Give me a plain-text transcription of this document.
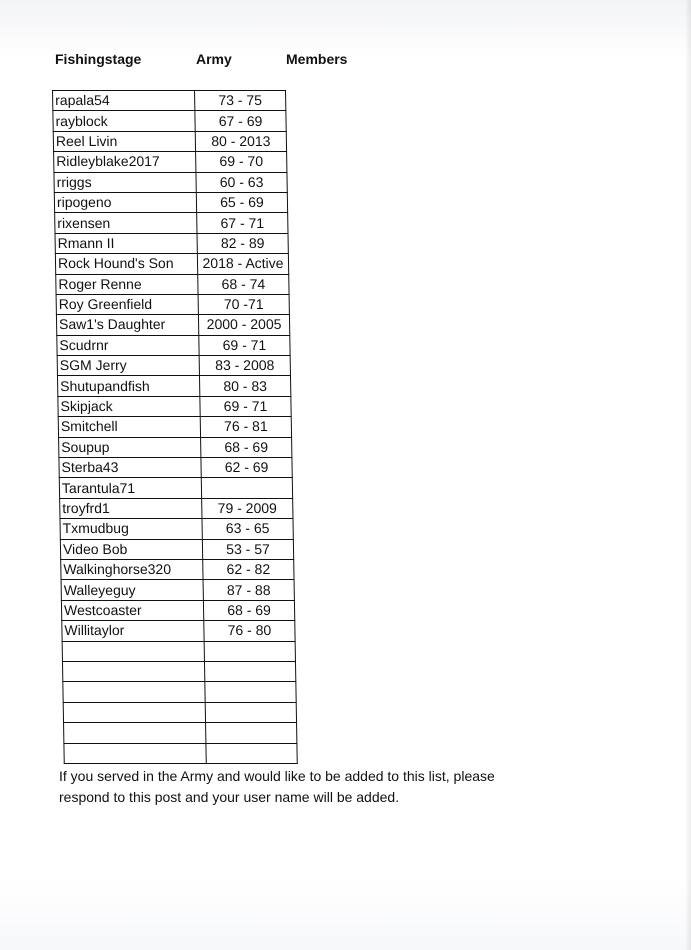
Fishingstage	Army	Members
rapala54	73 - 75
rayblock	67 - 69
Reel Livin	80 - 2013
Ridleyblake2017	69 - 70
rriggs	60 - 63
ripogeno	65 - 69
rixensen	67 - 71
Rmann II	82 - 89
Rock Hound's Son	2018 - Active
Roger Renne	68 - 74
Roy Greenfield	70 -71
Saw1's Daughter	2000 - 2005
Scudrnr	69 - 71
SGM Jerry	83 - 2008
Shutupandfish	80 - 83
Skipjack	69 - 71
Smitchell	76 - 81
Soupup	68 - 69
Sterba43	62 - 69
Tarantula71	
troyfrd1	79 - 2009
Txmudbug	63 - 65
Video Bob	53 - 57
Walkinghorse320	62 - 82
Walleyeguy	87 - 88
Westcoaster	68 - 69
Willitaylor	76 - 80

If you served in the Army and would like to be added to this list, please
respond to this post and your user name will be added.
